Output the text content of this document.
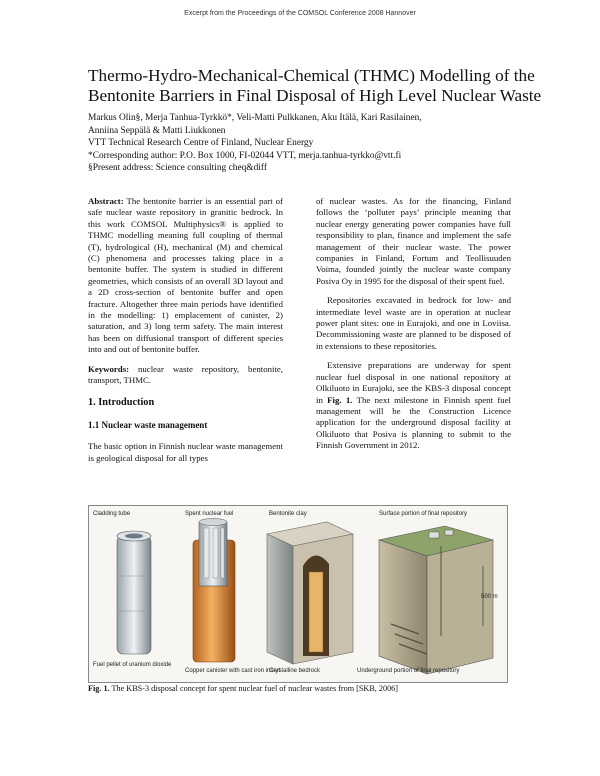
Excerpt from the Proceedings of the COMSOL Conference 2008 Hannover
Thermo-Hydro-Mechanical-Chemical (THMC) Modelling of the
Bentonite Barriers in Final Disposal of High Level Nuclear Waste
Markus Olin§, Merja Tanhua-Tyrkkö*, Veli-Matti Pulkkanen, Aku Itälä, Kari Rasilainen,
Anniina Seppälä & Matti Liukkonen
VTT Technical Research Centre of Finland, Nuclear Energy
*Corresponding author: P.O. Box 1000, FI-02044 VTT, merja.tanhua-tyrkko@vtt.fi
§Present address: Science consulting cheq&diff

Abstract: The bentonite barrier is an essential part of safe nuclear waste repository in granitic bedrock. In this work COMSOL Multiphysics® is applied to THMC modelling meaning full coupling of thermal (T), hydrological (H), mechanical (M) and chemical (C) phenomena and processes taking place in a bentonite buffer. The system is studied in different geometries, which consists of an overall 3D layout and a 2D cross-section of bentonite buffer and open fracture. Altogether three main periods have identified in the modelling: 1) emplacement of canister, 2) saturation, and 3) long term safety. The main interest has been on diffusional transport of different species into and out of bentonite buffer.

Keywords: nuclear waste repository, bentonite, transport, THMC.

1. Introduction

1.1 Nuclear waste management

The basic option in Finnish nuclear waste management is geological disposal for all types

of nuclear wastes. As for the financing, Finland follows the ‘polluter pays’ principle meaning that nuclear energy generating power companies have full responsibility to plan, finance and implement the safe management of their nuclear waste. The power companies in Finland, Fortum and Teollisuuden Voima, founded jointly the nuclear waste company Posiva Oy in 1995 for the disposal of their spent fuel.

Repositories excavated in bedrock for low- and intermediate level waste are in operation at nuclear power plant sites: one in Eurajoki, and one in Loviisa. Decommissioning waste are planned to be disposed of in extensions to these repositories.

Extensive preparations are underway for spent nuclear fuel disposal in one national repository at Olkiluoto in Eurajoki, see the KBS-3 disposal concept in Fig. 1. The next milestone in Finnish spent fuel management will be the Construction Licence application for the underground disposal facility at Olkiluoto that Posiva is planning to submit to the Finnish Government in 2012.

Cladding tube	Spent nuclear fuel	Bentonite clay	Surface portion of final repository
Fuel pellet of uranium dioxide
Copper canister with cast iron insert
Crystalline bedrock	Underground portion of final repository
500 m
Fig. 1. The KBS-3 disposal concept for spent nuclear fuel of nuclear wastes from [SKB, 2006]
